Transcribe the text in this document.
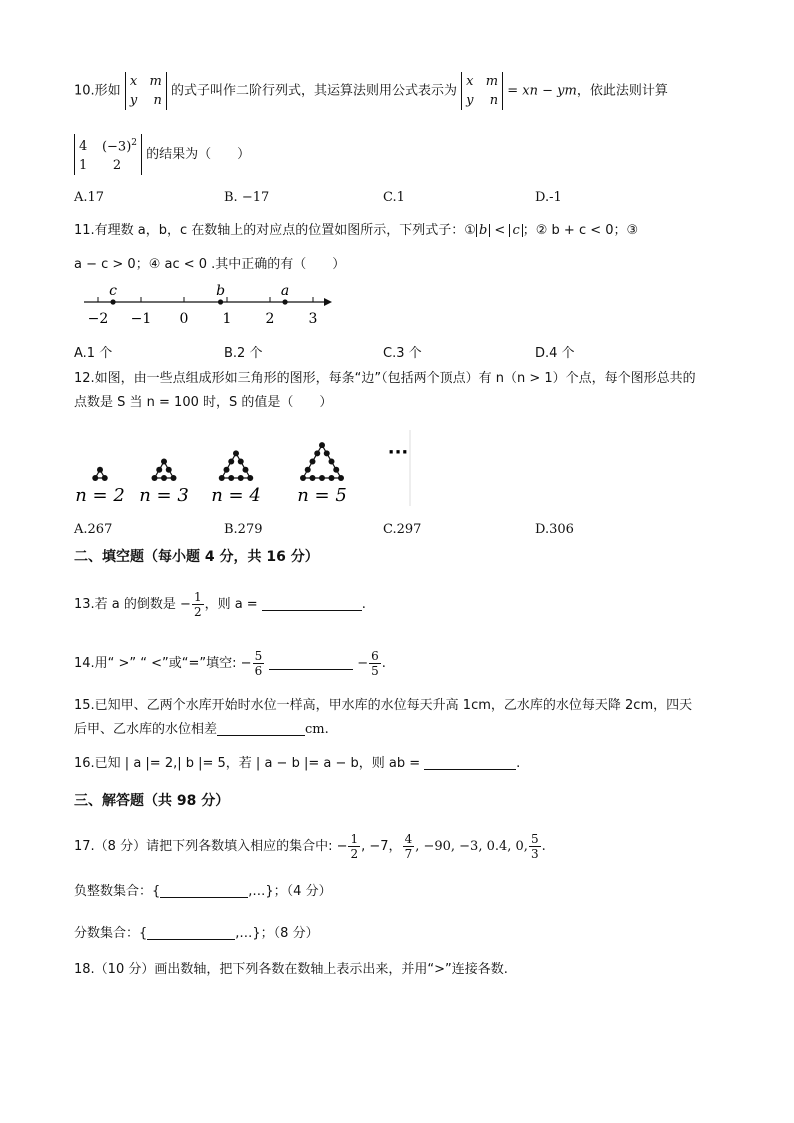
10.形如
x m
y n
的式子叫作二阶行列式，其运算法则用公式表示为
x m
y n
= xn − ym，依此法则计算
4 $(-3)^2$
1 2
的结果为（　　）
A.17	B. −17	C.1	D.-1
11.有理数 a，b，c 在数轴上的对应点的位置如图所示，下列式子：① b < c ；② b + c < 0；③
a − c > 0；④ ac < 0 .其中正确的有（　　）
−2 −1 0 1 2 3
c	b	a
A.1 个	B.2 个	C.3 个	D.4 个
12.如图，由一些点组成形如三角形的图形，每条“边”（包括两个顶点）有 n（n > 1）个点，每个图形总共的
点数是 S 当 n = 100 时，S 的值是（　　）
n = 2 n = 3 n = 4 n = 5
···
A.267	B.279	C.297	D.306
二、填空题（每小题 4 分，共 16 分）
13.若 a 的倒数是 − $\frac{1}{2}$ ，则 a =	.
14.用“ >” “ <”或“=”填空: − $\frac{5}{6}$	− $\frac{6}{5}$ .
15.已知甲、乙两个水库开始时水位一样高，甲水库的水位每天升高 1cm，乙水库的水位每天降 2cm，四天
后甲、乙水库的水位相差	cm.
16.已知 | a |= 2,| b |= 5，若 | a − b |= a − b，则 ab =	.
三、解答题（共 98 分）
17.（8 分）请把下列各数填入相应的集合中: − $\frac{1}{2}$ , −7， $\frac{4}{7}$ , −90, −3, 0.4, 0, $\frac{5}{3}$ .
负整数集合：{	,…}；（4 分）
分数集合：{	,…}；（8 分）
18.（10 分）画出数轴，把下列各数在数轴上表示出来，并用“>”连接各数.
